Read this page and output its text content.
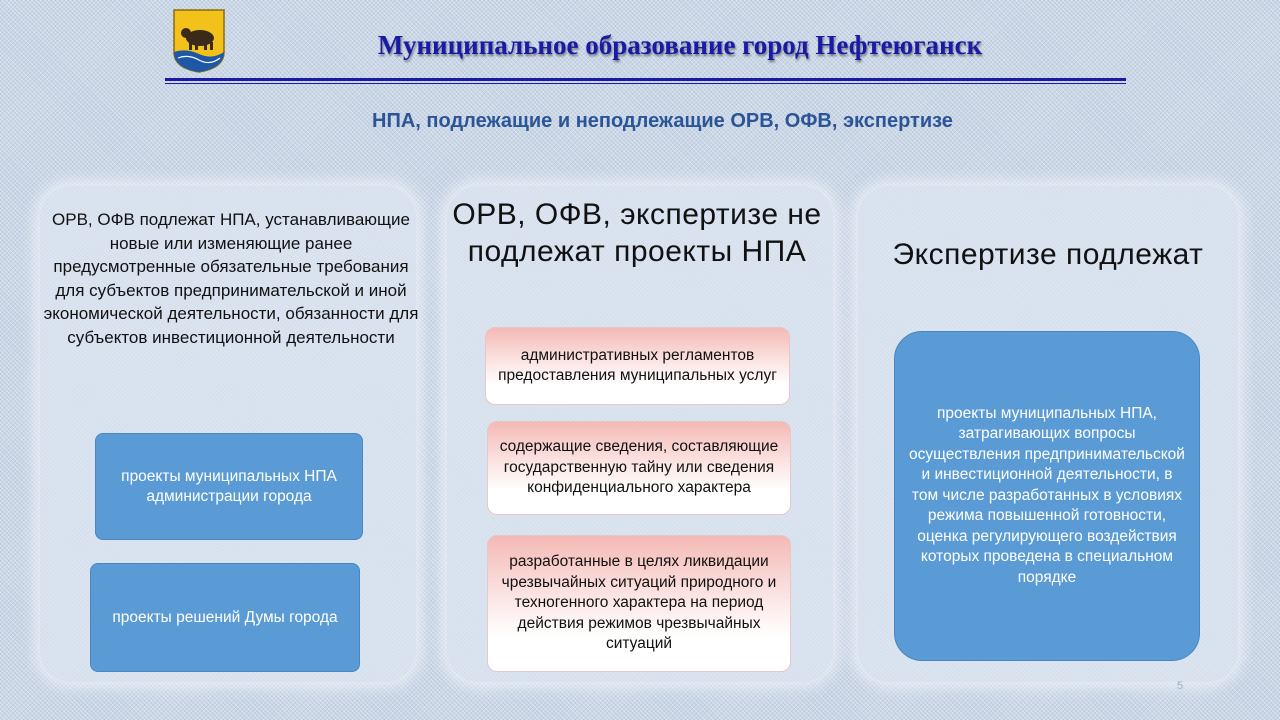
Муниципальное образование город Нефтеюганск
НПА, подлежащие и неподлежащие ОРВ, ОФВ, экспертизе
ОРВ, ОФВ подлежат НПА, устанавливающие новые или изменяющие ранее предусмотренные обязательные требования для субъектов предпринимательской и иной экономической деятельности, обязанности для субъектов инвестиционной деятельности
проекты муниципальных НПА администрации города
проекты решений Думы города
ОРВ, ОФВ, экспертизе не подлежат проекты НПА
административных регламентов предоставления муниципальных услуг
содержащие сведения, составляющие государственную тайну или сведения конфиденциального характера
разработанные в целях ликвидации чрезвычайных ситуаций природного и техногенного характера на период действия режимов чрезвычайных ситуаций
Экспертизе подлежат
проекты муниципальных НПА, затрагивающих вопросы осуществления предпринимательской и инвестиционной деятельности, в том числе разработанных в условиях режима повышенной готовности, оценка регулирующего воздействия которых проведена в специальном порядке
5
